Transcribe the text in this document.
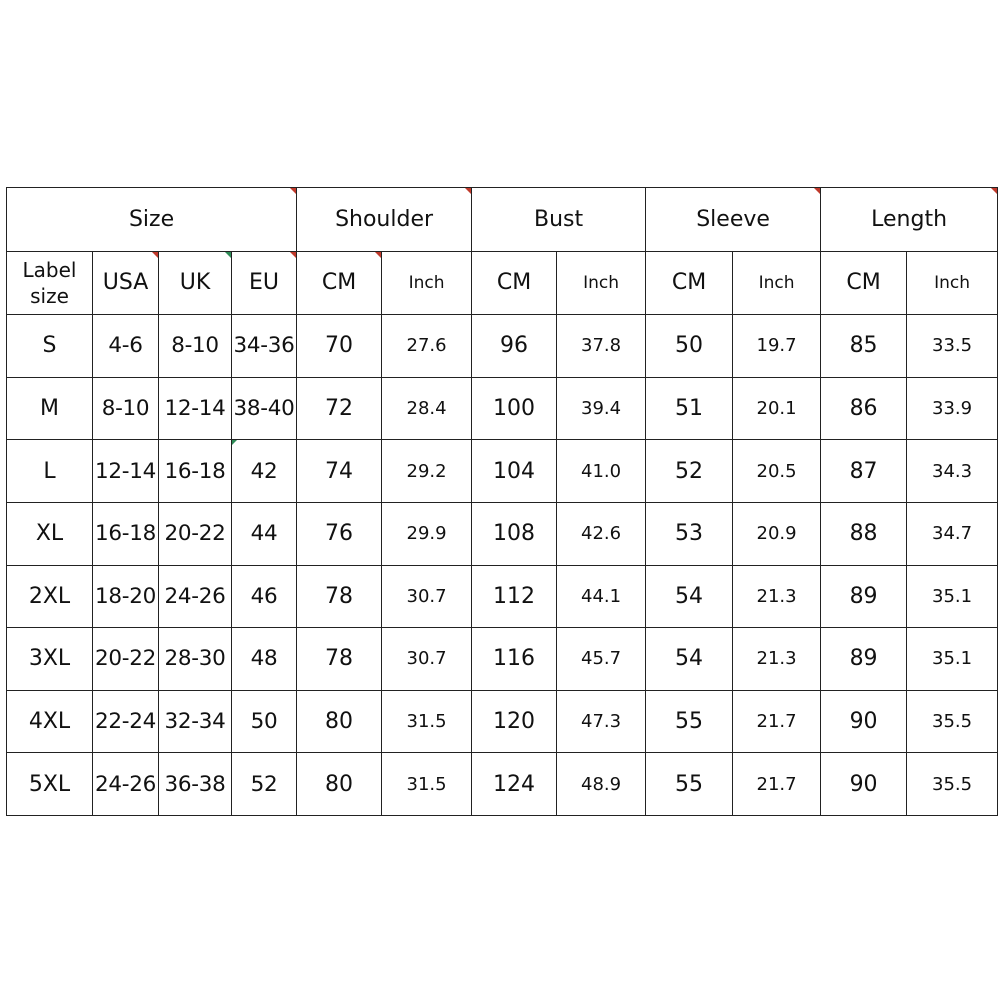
Size				Shoulder		Bust		Sleeve		Length	

Label size	USA	UK	EU	CM	Inch	CM	Inch	CM	Inch	CM	Inch
S	4-6	8-10	34-36	70	27.6	96	37.8	50	19.7	85	33.5
M	8-10	12-14	38-40	72	28.4	100	39.4	51	20.1	86	33.9
L	12-14	16-18	42	74	29.2	104	41.0	52	20.5	87	34.3
XL	16-18	20-22	44	76	29.9	108	42.6	53	20.9	88	34.7
2XL	18-20	24-26	46	78	30.7	112	44.1	54	21.3	89	35.1
3XL	20-22	28-30	48	78	30.7	116	45.7	54	21.3	89	35.1
4XL	22-24	32-34	50	80	31.5	120	47.3	55	21.7	90	35.5
5XL	24-26	36-38	52	80	31.5	124	48.9	55	21.7	90	35.5
